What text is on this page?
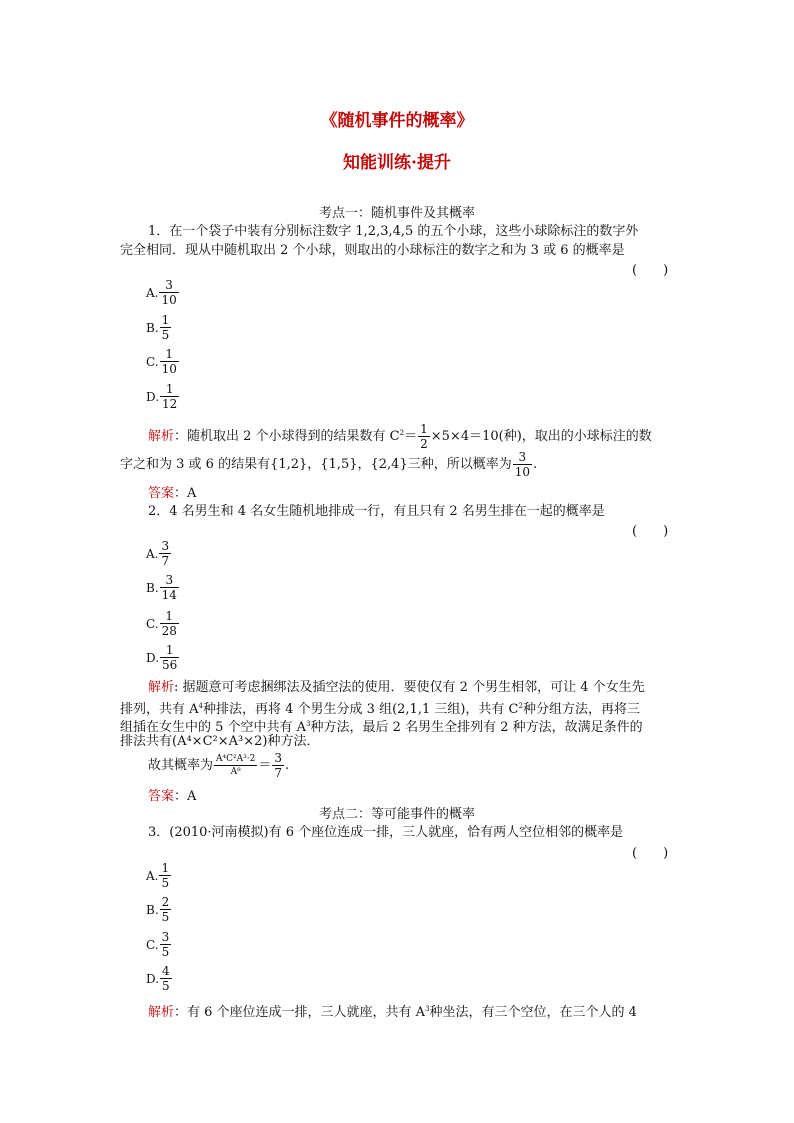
《随机事件的概率》
知能训练·提升
考点一：随机事件及其概率
1．在一个袋子中装有分别标注数字 1,2,3,4,5 的五个小球，这些小球除标注的数字外
完全相同．现从中随机取出 2 个小球，则取出的小球标注的数字之和为 3 或 6 的概率是
(　　)
A. $\frac{3}{10}$
B. $\frac{1}{5}$
C. $\frac{1}{10}$
D. $\frac{1}{12}$
解析：随机取出 2 个小球得到的结果数有 $C^2= \frac{1}{2} \times 5\times 4=10$(种)，取出的小球标注的数
字之和为 3 或 6 的结果有{1,2}，{1,5}，{2,4}三种，所以概率为 $\frac{3}{10}$ .
答案：A
2．4 名男生和 4 名女生随机地排成一行，有且只有 2 名男生排在一起的概率是
(　　)
A. $\frac{3}{7}$
B. $\frac{3}{14}$
C. $\frac{1}{28}$
D. $\frac{1}{56}$
解析: 据题意可考虑捆绑法及插空法的使用．要使仅有 2 个男生相邻，可让 4 个女生先
排列，共有 $A^4$种排法，再将 4 个男生分成 3 组(2,1,1 三组)，共有 $C^2$种分组方法，再将三
组插在女生中的 5 个空中共有 $A^3$种方法，最后 2 名男生全排列有 2 种方法，故满足条件的
排法共有(A⁴×C²×A³×2)种方法．
故其概率为 $\frac{\text{A⁴C²A³·2}}{\text{A⁸}} = \frac{3}{7}$ .
答案：A
考点二：等可能事件的概率
3．(2010·河南模拟)有 6 个座位连成一排，三人就座，恰有两人空位相邻的概率是
(　　)
A. $\frac{1}{5}$
B. $\frac{2}{5}$
C. $\frac{3}{5}$
D. $\frac{4}{5}$
解析：有 6 个座位连成一排，三人就座，共有 $A^3$种坐法，有三个空位，在三个人的 4
